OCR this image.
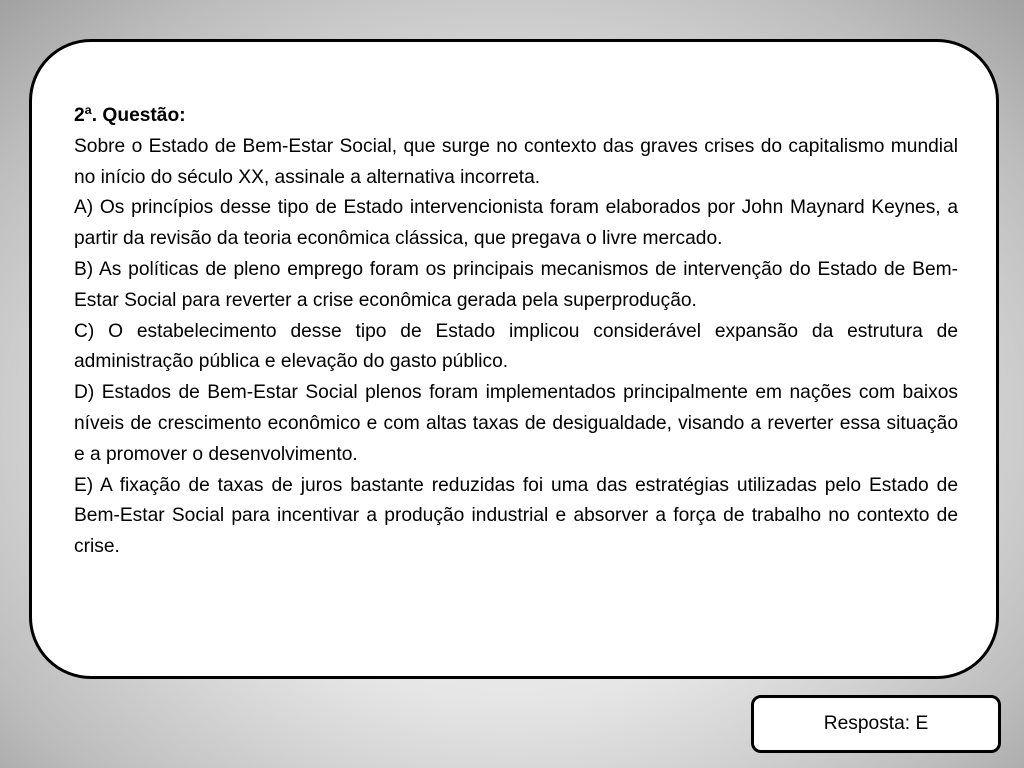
2ª. Questão:

Sobre o Estado de Bem-Estar Social, que surge no contexto das graves crises do capitalismo mundial no início do século XX, assinale a alternativa incorreta.

A) Os princípios desse tipo de Estado intervencionista foram elaborados por John Maynard Keynes, a partir da revisão da teoria econômica clássica, que pregava o livre mercado.

B) As políticas de pleno emprego foram os principais mecanismos de intervenção do Estado de Bem-Estar Social para reverter a crise econômica gerada pela superprodução.

C) O estabelecimento desse tipo de Estado implicou considerável expansão da estrutura de administração pública e elevação do gasto público.

D) Estados de Bem-Estar Social plenos foram implementados principalmente em nações com baixos níveis de crescimento econômico e com altas taxas de desigualdade, visando a reverter essa situação e a promover o desenvolvimento.

E) A fixação de taxas de juros bastante reduzidas foi uma das estratégias utilizadas pelo Estado de Bem-Estar Social para incentivar a produção industrial e absorver a força de trabalho no contexto de crise.

Resposta: E
